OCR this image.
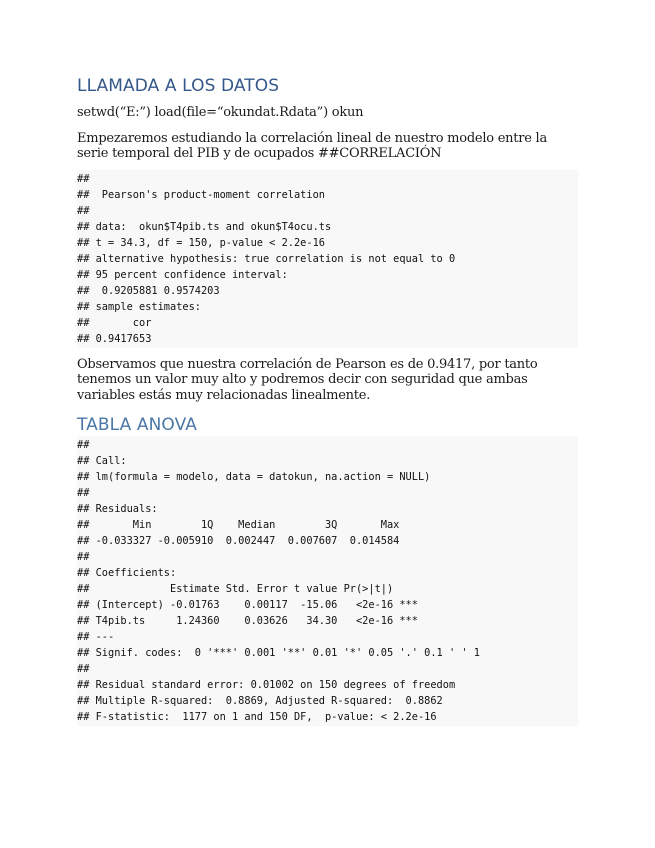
LLAMADA A LOS DATOS

setwd(“E:”) load(file=“okundat.Rdata”) okun

Empezaremos estudiando la correlación lineal de nuestro modelo entre la serie temporal del PIB y de ocupados ##CORRELACIÓN

##
##  Pearson's product-moment correlation
##
## data:  okun$T4pib.ts and okun$T4ocu.ts
## t = 34.3, df = 150, p-value < 2.2e-16
## alternative hypothesis: true correlation is not equal to 0
## 95 percent confidence interval:
##  0.9205881 0.9574203
## sample estimates:
##       cor
## 0.9417653

Observamos que nuestra correlación de Pearson es de 0.9417, por tanto tenemos un valor muy alto y podremos decir con seguridad que ambas variables estás muy relacionadas linealmente.

TABLA ANOVA
##
## Call:
## lm(formula = modelo, data = datokun, na.action = NULL)
##
## Residuals:
##       Min        1Q    Median        3Q       Max
## -0.033327 -0.005910  0.002447  0.007607  0.014584
##
## Coefficients:
##             Estimate Std. Error t value Pr(>|t|)
## (Intercept) -0.01763    0.00117  -15.06   <2e-16 ***
## T4pib.ts     1.24360    0.03626   34.30   <2e-16 ***
## ---
## Signif. codes:  0 '***' 0.001 '**' 0.01 '*' 0.05 '.' 0.1 ' ' 1
##
## Residual standard error: 0.01002 on 150 degrees of freedom
## Multiple R-squared:  0.8869, Adjusted R-squared:  0.8862
## F-statistic:  1177 on 1 and 150 DF,  p-value: < 2.2e-16
